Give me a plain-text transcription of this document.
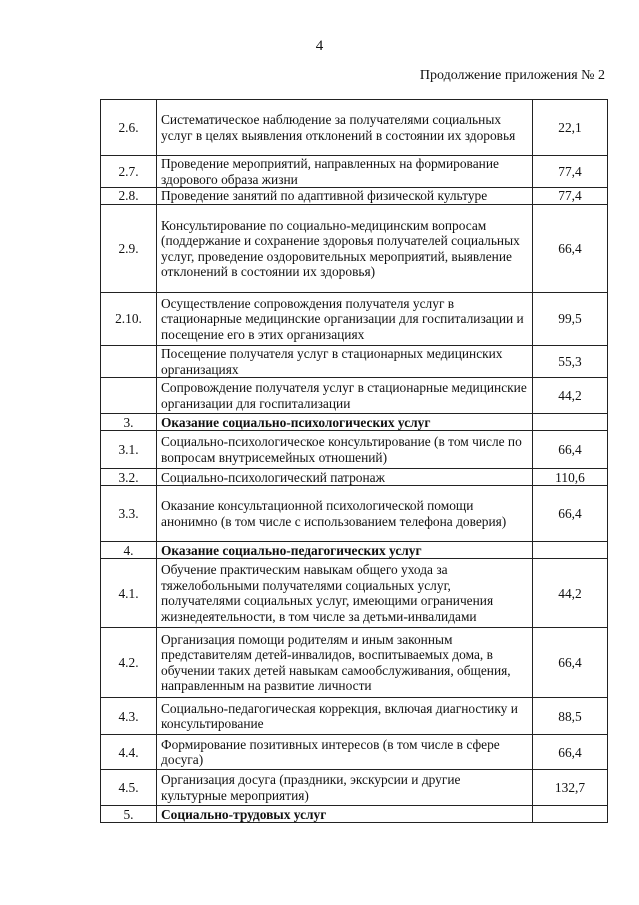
4
Продолжение приложения № 2
2.6.	Систематическое наблюдение за получателями социальных услуг в целях выявления отклонений в состоянии их здоровья	22,1
2.7.	Проведение мероприятий, направленных на формирование здорового образа жизни	77,4
2.8.	Проведение занятий по адаптивной физической культуре	77,4
2.9.	Консультирование по социально-медицинским вопросам (поддержание и сохранение здоровья получателей социальных услуг, проведение оздоровительных мероприятий, выявление отклонений в состоянии их здоровья)	66,4
2.10.	Осуществление сопровождения получателя услуг в стационарные медицинские организации для госпитализации и посещение его в этих организациях	99,5
	Посещение получателя услуг в стационарных медицинских организациях	55,3
	Сопровождение получателя услуг в стационарные медицинские организации для госпитализации	44,2
3.	Оказание социально-психологических услуг	
3.1.	Социально-психологическое консультирование (в том числе по вопросам внутрисемейных отношений)	66,4
3.2.	Социально-психологический патронаж	110,6
3.3.	Оказание консультационной психологической помощи анонимно (в том числе с использованием телефона доверия)	66,4
4.	Оказание социально-педагогических услуг	
4.1.	Обучение практическим навыкам общего ухода за тяжелобольными получателями социальных услуг, получателями социальных услуг, имеющими ограничения жизнедеятельности, в том числе за детьми-инвалидами	44,2
4.2.	Организация помощи родителям и иным законным представителям детей-инвалидов, воспитываемых дома, в обучении таких детей навыкам самообслуживания, общения, направленным на развитие личности	66,4
4.3.	Социально-педагогическая коррекция, включая диагностику и консультирование	88,5
4.4.	Формирование позитивных интересов (в том числе в сфере досуга)	66,4
4.5.	Организация досуга (праздники, экскурсии и другие культурные мероприятия)	132,7
5.	Социально-трудовых услуг	
